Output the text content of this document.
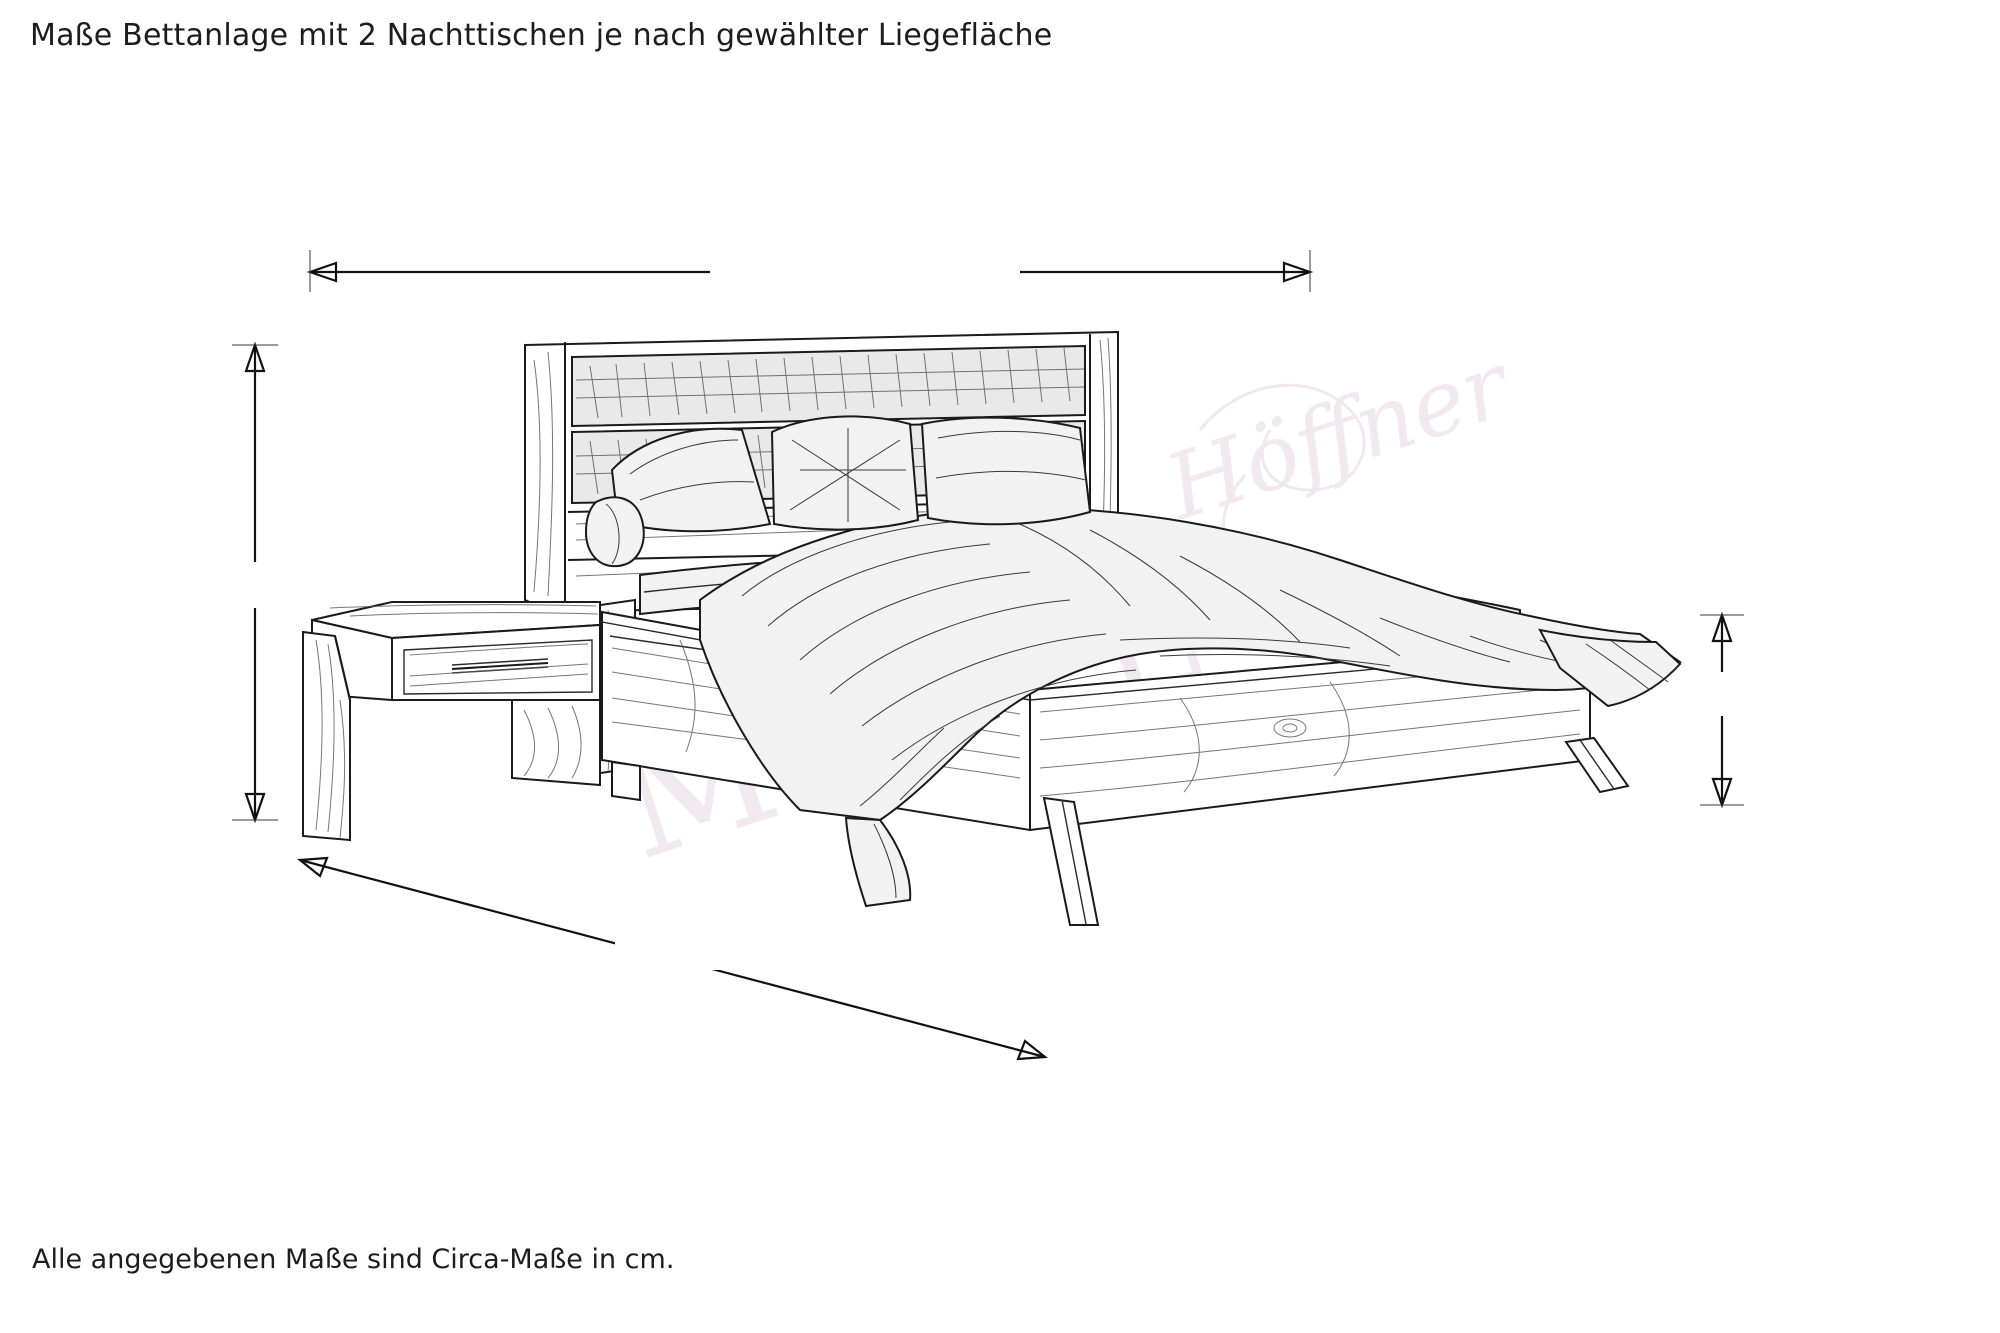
Maße Bettanlage mit 2 Nachttischen je nach gewählter Liegefläche
Alle angegebenen Maße sind Circa-Maße in cm.
Höffner
